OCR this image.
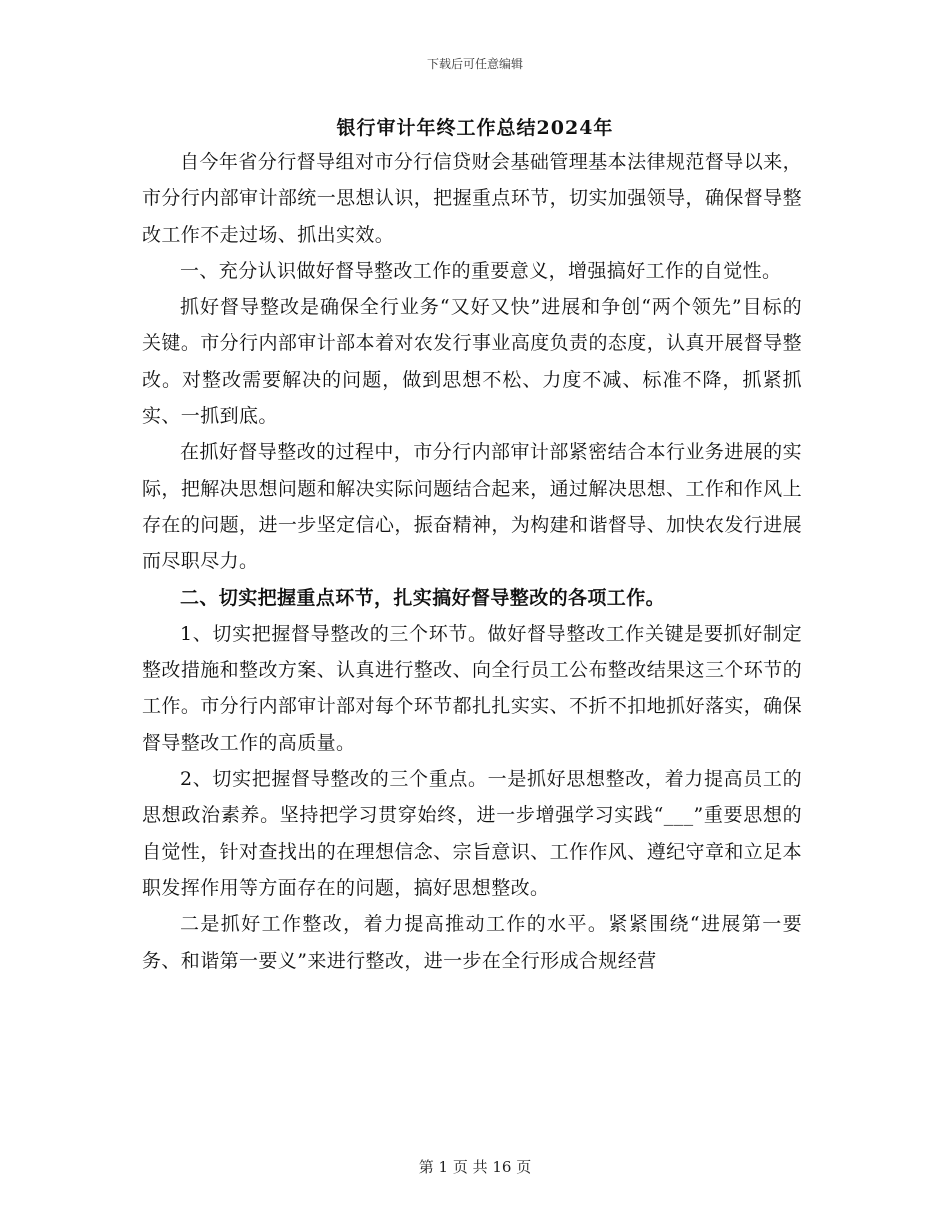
下载后可任意编辑
银行审计年终工作总结2024年

自今年省分行督导组对市分行信贷财会基础管理基本法律规范督导以来，市分行内部审计部统一思想认识，把握重点环节，切实加强领导，确保督导整改工作不走过场、抓出实效。

一、充分认识做好督导整改工作的重要意义，增强搞好工作的自觉性。

抓好督导整改是确保全行业务“又好又快”进展和争创“两个领先”目标的关键。市分行内部审计部本着对农发行事业高度负责的态度，认真开展督导整改。对整改需要解决的问题，做到思想不松、力度不减、标准不降，抓紧抓实、一抓到底。

在抓好督导整改的过程中，市分行内部审计部紧密结合本行业务进展的实际，把解决思想问题和解决实际问题结合起来，通过解决思想、工作和作风上存在的问题，进一步坚定信心，振奋精神，为构建和谐督导、加快农发行进展而尽职尽力。

二、切实把握重点环节，扎实搞好督导整改的各项工作。

1、切实把握督导整改的三个环节。做好督导整改工作关键是要抓好制定整改措施和整改方案、认真进行整改、向全行员工公布整改结果这三个环节的工作。市分行内部审计部对每个环节都扎扎实实、不折不扣地抓好落实，确保督导整改工作的高质量。

2、切实把握督导整改的三个重点。一是抓好思想整改，着力提高员工的思想政治素养。坚持把学习贯穿始终，进一步增强学习实践“___”重要思想的自觉性，针对查找出的在理想信念、宗旨意识、工作作风、遵纪守章和立足本职发挥作用等方面存在的问题，搞好思想整改。

二是抓好工作整改，着力提高推动工作的水平。紧紧围绕“进展第一要务、和谐第一要义”来进行整改，进一步在全行形成合规经营

第 1 页 共 16 页
